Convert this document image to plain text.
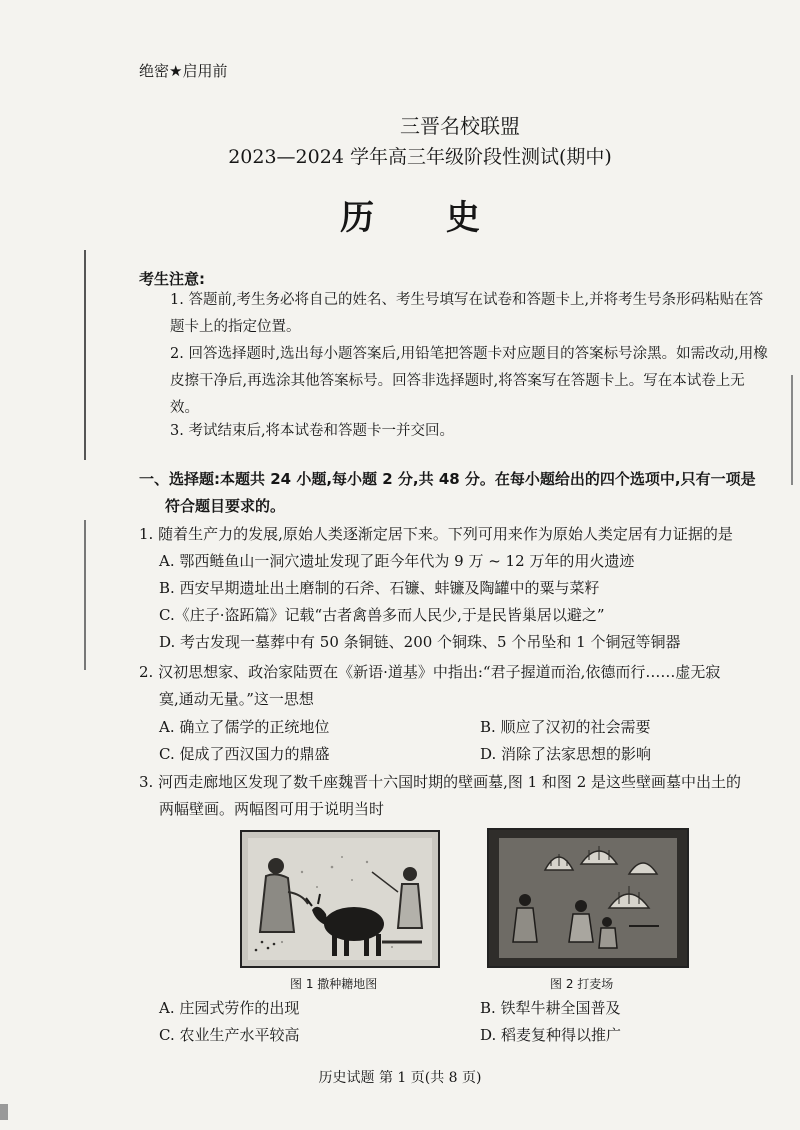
绝密★启用前
三晋名校联盟
2023—2024 学年高三年级阶段性测试(期中)
历 史
考生注意:
1. 答题前,考生务必将自己的姓名、考生号填写在试卷和答题卡上,并将考生号条形码粘贴在答题卡上的指定位置。
2. 回答选择题时,选出每小题答案后,用铅笔把答题卡对应题目的答案标号涂黑。如需改动,用橡皮擦干净后,再选涂其他答案标号。回答非选择题时,将答案写在答题卡上。写在本试卷上无效。
3. 考试结束后,将本试卷和答题卡一并交回。
一、选择题:本题共 24 小题,每小题 2 分,共 48 分。在每小题给出的四个选项中,只有一项是
符合题目要求的。
1. 随着生产力的发展,原始人类逐渐定居下来。下列可用来作为原始人类定居有力证据的是
A. 鄂西鲢鱼山一洞穴遗址发现了距今年代为 9 万 ~ 12 万年的用火遗迹
B. 西安早期遗址出土磨制的石斧、石镰、蚌镰及陶罐中的粟与菜籽
C.《庄子·盗跖篇》记载“古者禽兽多而人民少,于是民皆巢居以避之”
D. 考古发现一墓葬中有 50 条铜链、200 个铜珠、5 个吊坠和 1 个铜冠等铜器
2. 汉初思想家、政治家陆贾在《新语·道基》中指出:“君子握道而治,依德而行……虚无寂
寞,通动无量。”这一思想
A. 确立了儒学的正统地位	B. 顺应了汉初的社会需要
C. 促成了西汉国力的鼎盛	D. 消除了法家思想的影响
3. 河西走廊地区发现了数千座魏晋十六国时期的壁画墓,图 1 和图 2 是这些壁画墓中出土的
两幅壁画。两幅图可用于说明当时
图 1 撒种耱地图	图 2 打麦场
A. 庄园式劳作的出现	B. 铁犁牛耕全国普及
C. 农业生产水平较高	D. 稻麦复种得以推广
历史试题 第 1 页(共 8 页)
